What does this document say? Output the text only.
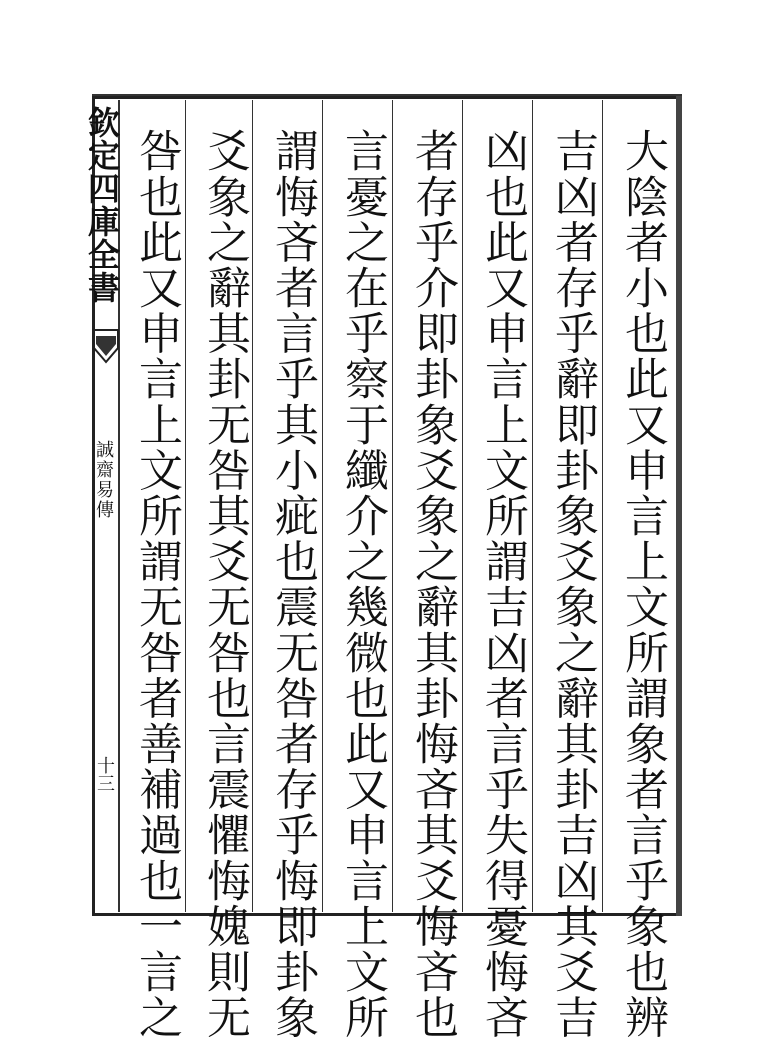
欽定四庫全書
誠齋易傳
十三	大陰者小也此又申言上文所謂象者言乎象也辨
吉凶者存乎辭即卦象爻象之辭其卦吉凶其爻吉
凶也此又申言上文所謂吉凶者言乎失得憂悔吝
者存乎介即卦象爻象之辭其卦悔吝其爻悔吝也
言憂之在乎察于纖介之幾微也此又申言上文所
謂悔吝者言乎其小疵也震无咎者存乎悔即卦象
爻象之辭其卦无咎其爻无咎也言震懼悔媿則无
咎也此又申言上文所謂无咎者善補過也一言之
